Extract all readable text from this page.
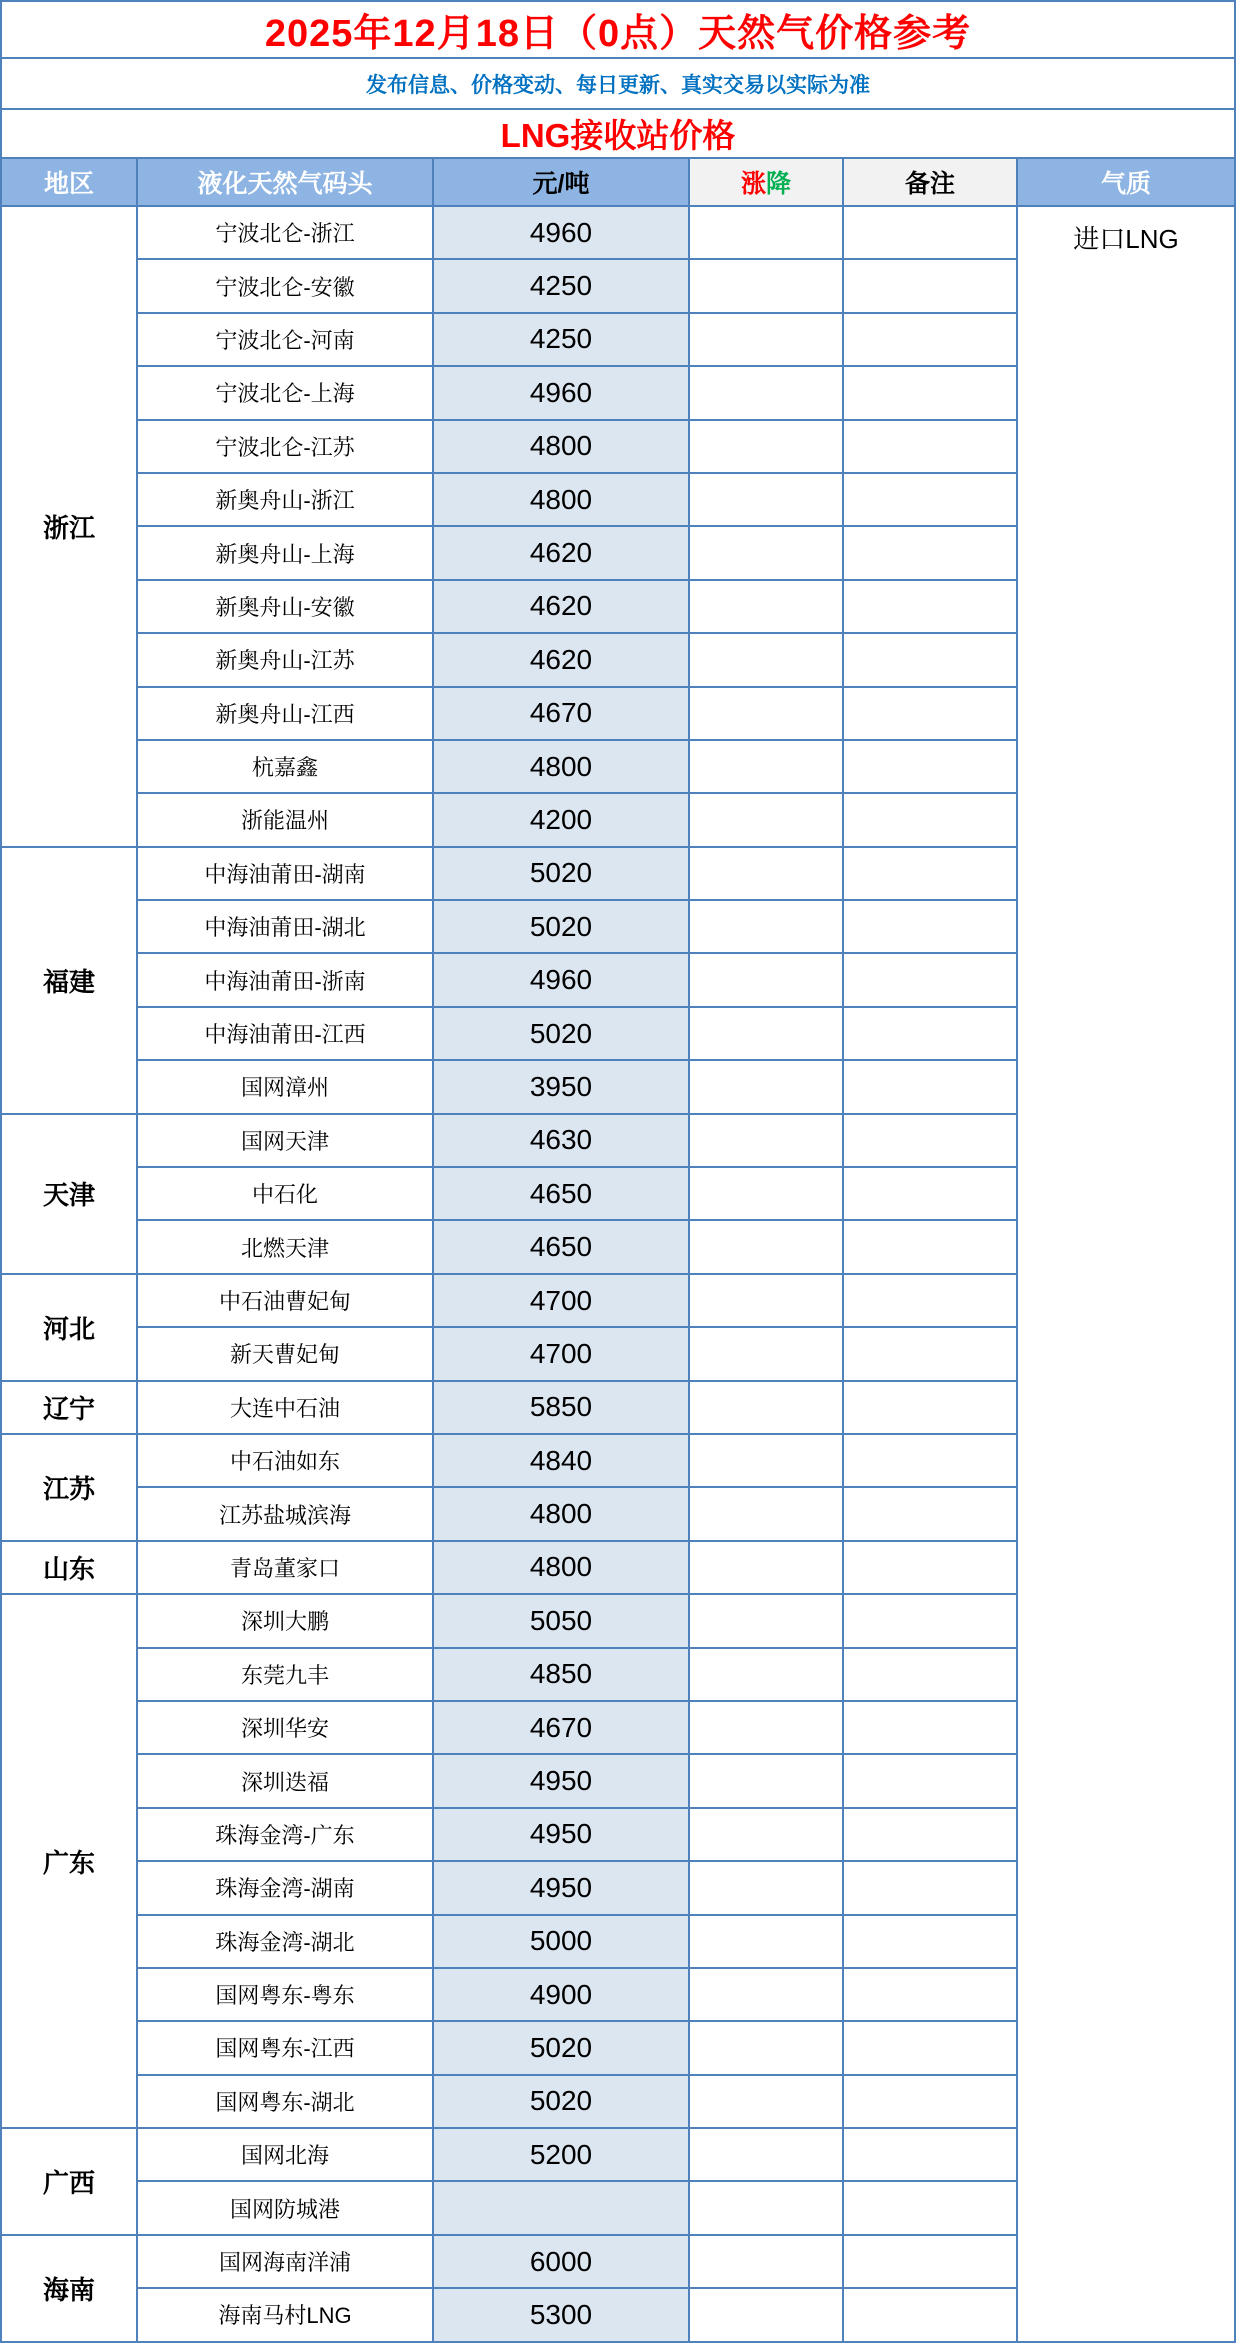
2025年12月18日（0点）天然气价格参考					
发布信息、价格变动、每日更新、真实交易以实际为准					
LNG接收站价格					
地区	液化天然气码头	元/吨	涨降	备注	气质
浙江	宁波北仑-浙江	4960			进口LNG

	宁波北仑-安徽	4250			
	宁波北仑-河南	4250			
	宁波北仑-上海	4960			
	宁波北仑-江苏	4800			
	新奥舟山-浙江	4800			
	新奥舟山-上海	4620			
	新奥舟山-安徽	4620			
	新奥舟山-江苏	4620			
	新奥舟山-江西	4670			
	杭嘉鑫	4800			
	浙能温州	4200			
福建	中海油莆田-湖南	5020			
	中海油莆田-湖北	5020			
	中海油莆田-浙南	4960			
	中海油莆田-江西	5020			
	国网漳州	3950			
天津	国网天津	4630			
	中石化	4650			
	北燃天津	4650			
河北	中石油曹妃甸	4700			
	新天曹妃甸	4700			
辽宁	大连中石油	5850			
江苏	中石油如东	4840			
	江苏盐城滨海	4800			
山东	青岛董家口	4800			
广东	深圳大鹏	5050			
	东莞九丰	4850			
	深圳华安	4670			
	深圳迭福	4950			
	珠海金湾-广东	4950			
	珠海金湾-湖南	4950			
	珠海金湾-湖北	5000			
	国网粤东-粤东	4900			
	国网粤东-江西	5020			
	国网粤东-湖北	5020			
广西	国网北海	5200			
	国网防城港				
海南	国网海南洋浦	6000			
	海南马村LNG	5300			
